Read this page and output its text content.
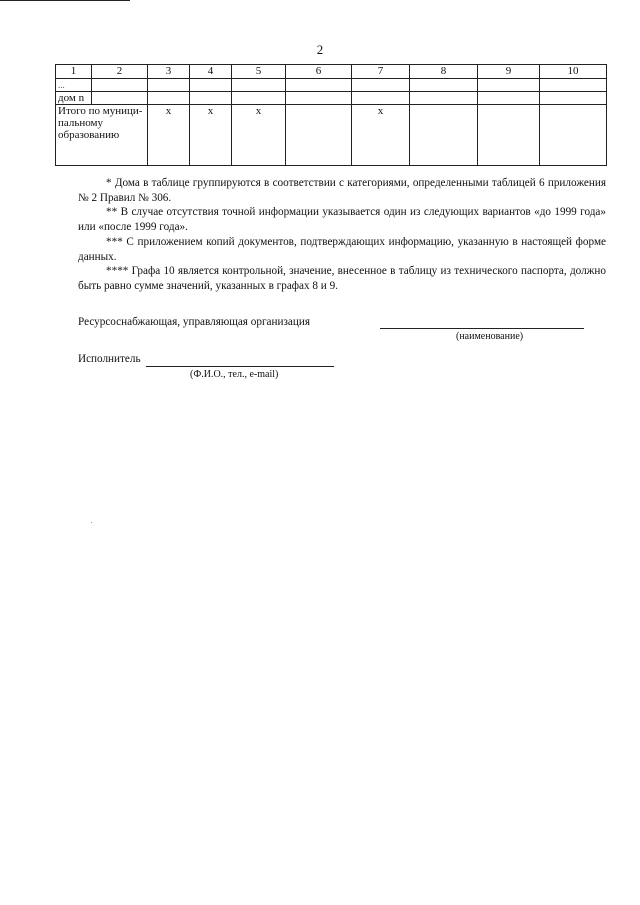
2
1	2	3	4	5	6	7	8	9	10
...									
дом n									
Итого по муници-пальному образованию		х	х	х		х			

* Дома в таблице группируются в соответствии с категориями, определенными таблицей 6 приложения № 2 Правил № 306.

** В случае отсутствия точной информации указывается один из следующих вариантов «до 1999 года» или «после 1999 года».

*** С приложением копий документов, подтверждающих информацию, указанную в настоящей форме данных.

**** Графа 10 является контрольной, значение, внесенное в таблицу из технического паспорта, должно быть равно сумме значений, указанных в графах 8 и 9.

Ресурсоснабжающая, управляющая организация
(наименование)
Исполнитель
(Ф.И.О., тел., e-mail)
